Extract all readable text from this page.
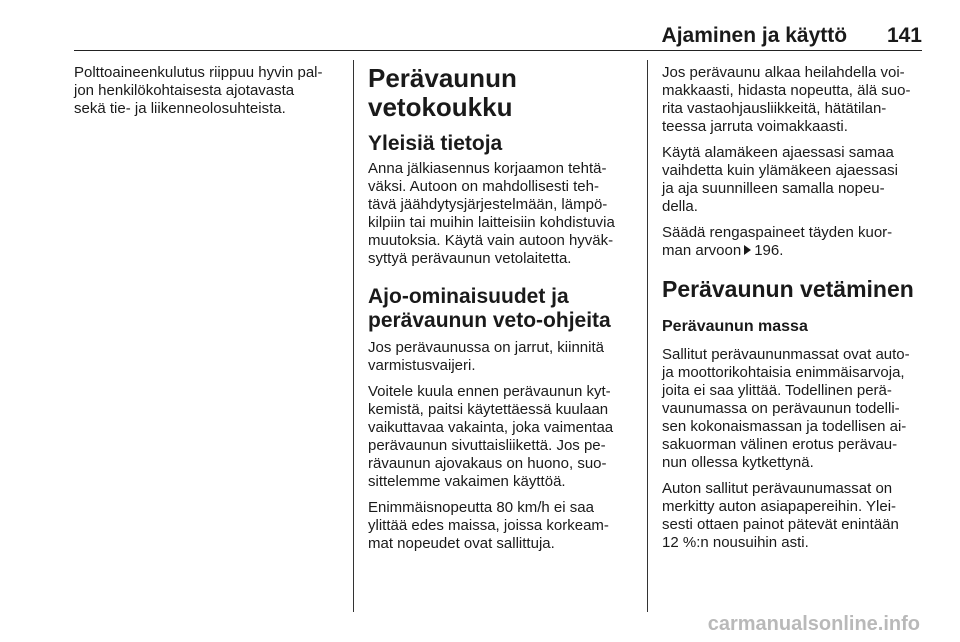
Ajaminen ja käyttö 141

Polttoaineenkulutus riippuu hyvin pal-
jon henkilökohtaisesta ajotavasta
sekä tie- ja liikenneolosuhteista.

Perävaunun
vetokoukku
Yleisiä tietoja

Anna jälkiasennus korjaamon tehtä-
väksi. Autoon on mahdollisesti teh-
tävä jäähdytysjärjestelmään, lämpö-
kilpiin tai muihin laitteisiin kohdistuvia
muutoksia. Käytä vain autoon hyväk-
syttyä perävaunun vetolaitetta.

Ajo-ominaisuudet ja
perävaunun veto-ohjeita

Jos perävaunussa on jarrut, kiinnitä
varmistusvaijeri.

Voitele kuula ennen perävaunun kyt-
kemistä, paitsi käytettäessä kuulaan
vaikuttavaa vakainta, joka vaimentaa
perävaunun sivuttaisliikettä. Jos pe-
rävaunun ajovakaus on huono, suo-
sittelemme vakaimen käyttöä.

Enimmäisnopeutta 80 km/h ei saa
ylittää edes maissa, joissa korkeam-
mat nopeudet ovat sallittuja.

Jos perävaunu alkaa heilahdella voi-
makkaasti, hidasta nopeutta, älä suo-
rita vastaohjausliikkeitä, hätätilan-
teessa jarruta voimakkaasti.

Käytä alamäkeen ajaessasi samaa
vaihdetta kuin ylämäkeen ajaessasi
ja aja suunnilleen samalla nopeu-
della.

Säädä rengaspaineet täyden kuor-
man arvoon 196.

Perävaunun vetäminen
Perävaunun massa

Sallitut perävaununmassat ovat auto-
ja moottorikohtaisia enimmäisarvoja,
joita ei saa ylittää. Todellinen perä-
vaunumassa on perävaunun todelli-
sen kokonaismassan ja todellisen ai-
sakuorman välinen erotus perävau-
nun ollessa kytkettynä.

Auton sallitut perävaunumassat on
merkitty auton asiapapereihin. Ylei-
sesti ottaen painot pätevät enintään
12 %:n nousuihin asti.

carmanualsonline.info
